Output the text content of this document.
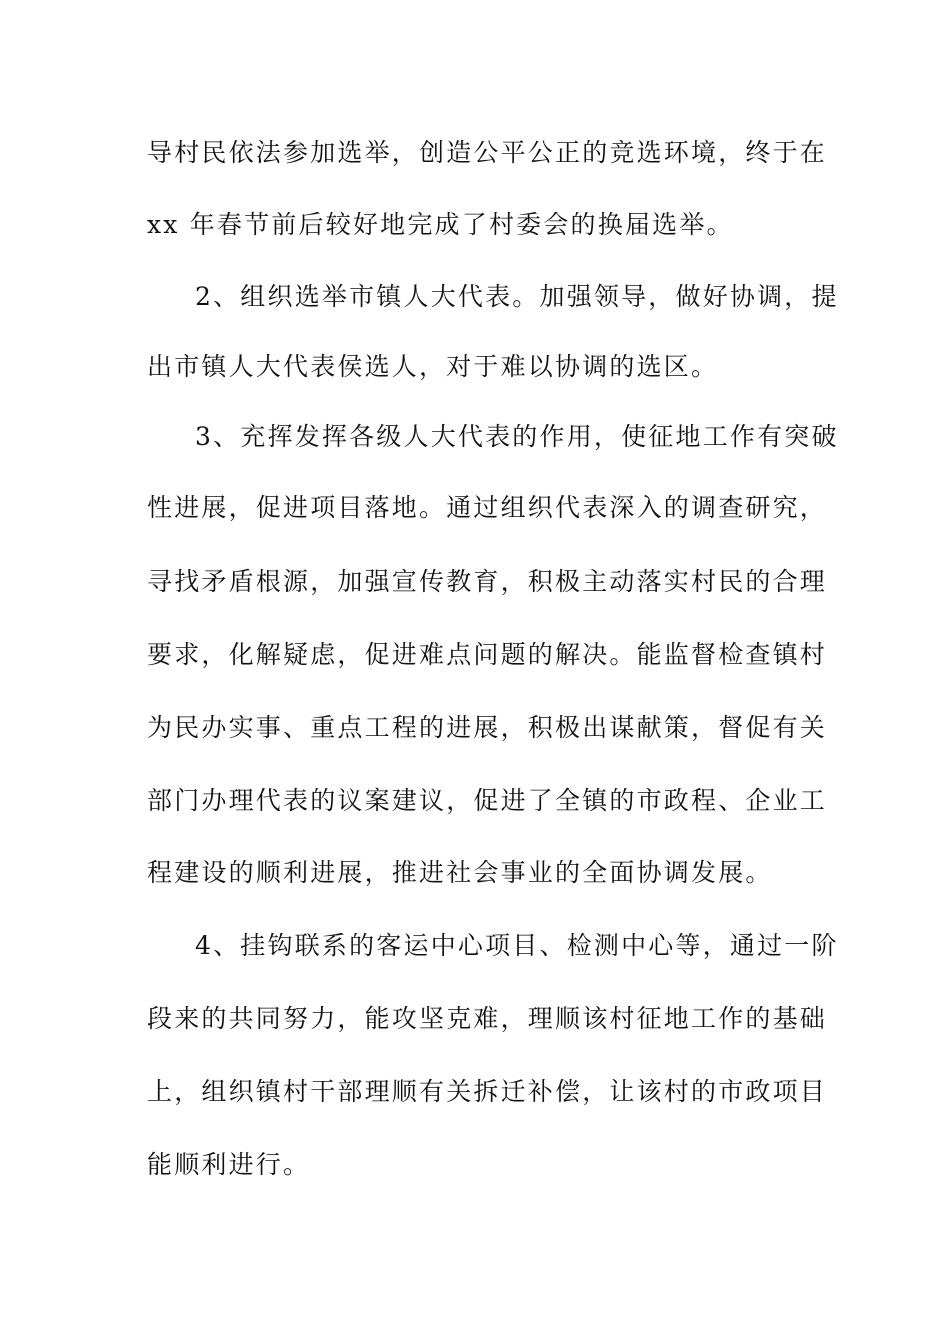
导村民依法参加选举，创造公平公正的竞选环境，终于在
xx 年春节前后较好地完成了村委会的换届选举。
2、组织选举市镇人大代表。加强领导，做好协调，提
出市镇人大代表侯选人，对于难以协调的选区。
3、充挥发挥各级人大代表的作用，使征地工作有突破
性进展，促进项目落地。通过组织代表深入的调查研究，
寻找矛盾根源，加强宣传教育，积极主动落实村民的合理
要求，化解疑虑，促进难点问题的解决。能监督检查镇村
为民办实事、重点工程的进展，积极出谋献策，督促有关
部门办理代表的议案建议，促进了全镇的市政程、企业工
程建设的顺利进展，推进社会事业的全面协调发展。
4、挂钩联系的客运中心项目、检测中心等，通过一阶
段来的共同努力，能攻坚克难，理顺该村征地工作的基础
上，组织镇村干部理顺有关拆迁补偿，让该村的市政项目
能顺利进行。
